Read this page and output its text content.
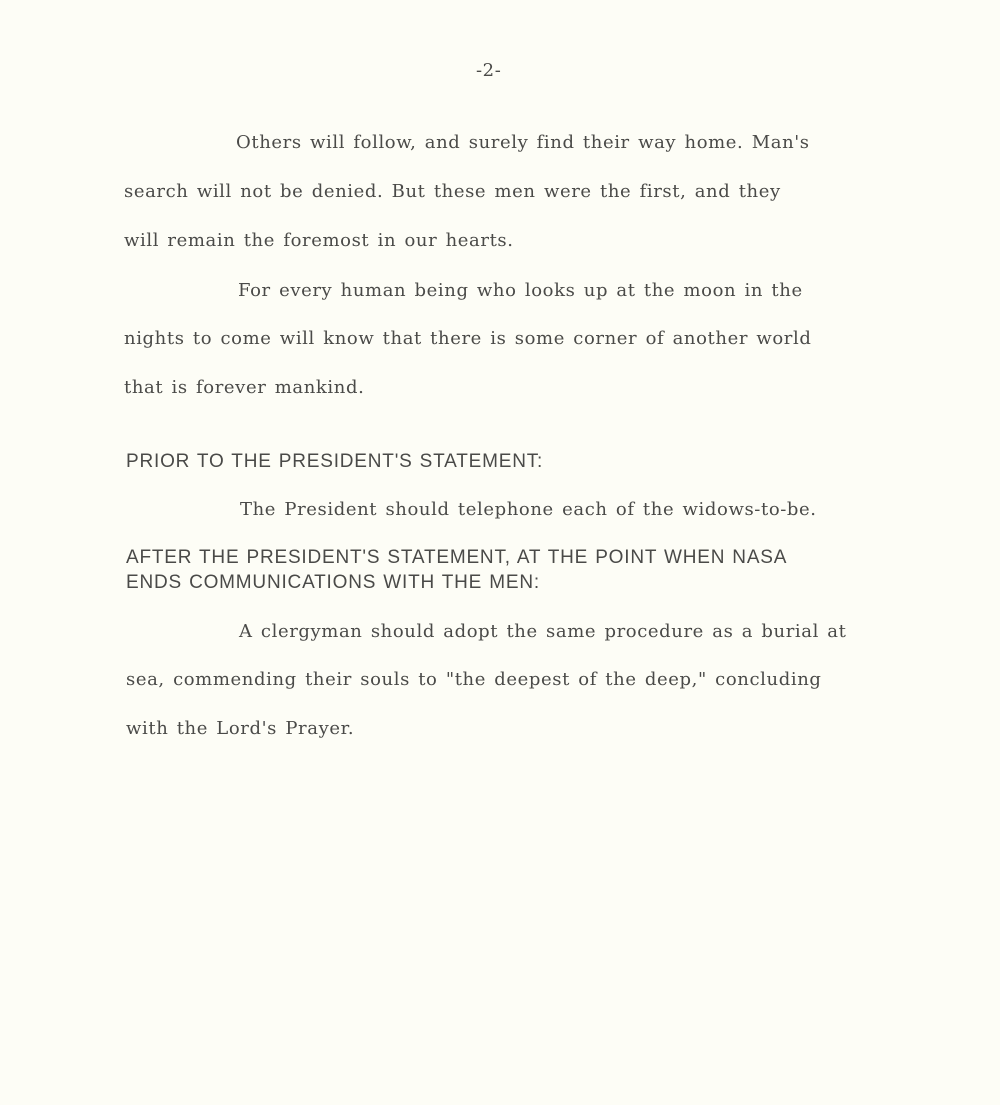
-2-
Others will follow, and surely find their way home. Man's
search will not be denied. But these men were the first, and they
will remain the foremost in our hearts.
For every human being who looks up at the moon in the
nights to come will know that there is some corner of another world
that is forever mankind.
PRIOR TO THE PRESIDENT'S STATEMENT:
The President should telephone each of the widows-to-be.
AFTER THE PRESIDENT'S STATEMENT, AT THE POINT WHEN NASA
ENDS COMMUNICATIONS WITH THE MEN:
A clergyman should adopt the same procedure as a burial at
sea, commending their souls to "the deepest of the deep," concluding
with the Lord's Prayer.
